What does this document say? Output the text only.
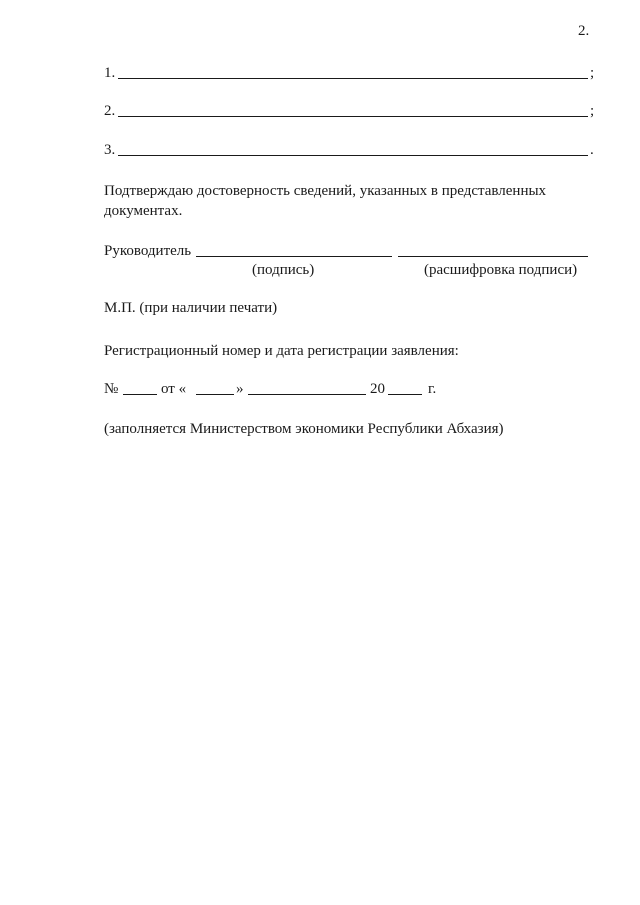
2.
1.	;
2.	;
3.	.
Подтверждаю достоверность сведений, указанных в представленных
документах.
Руководитель
(подпись)	(расшифровка подписи)
М.П. (при наличии печати)
Регистрационный номер и дата регистрации заявления:
№	от «	»	20	г.
(заполняется Министерством экономики Республики Абхазия)
